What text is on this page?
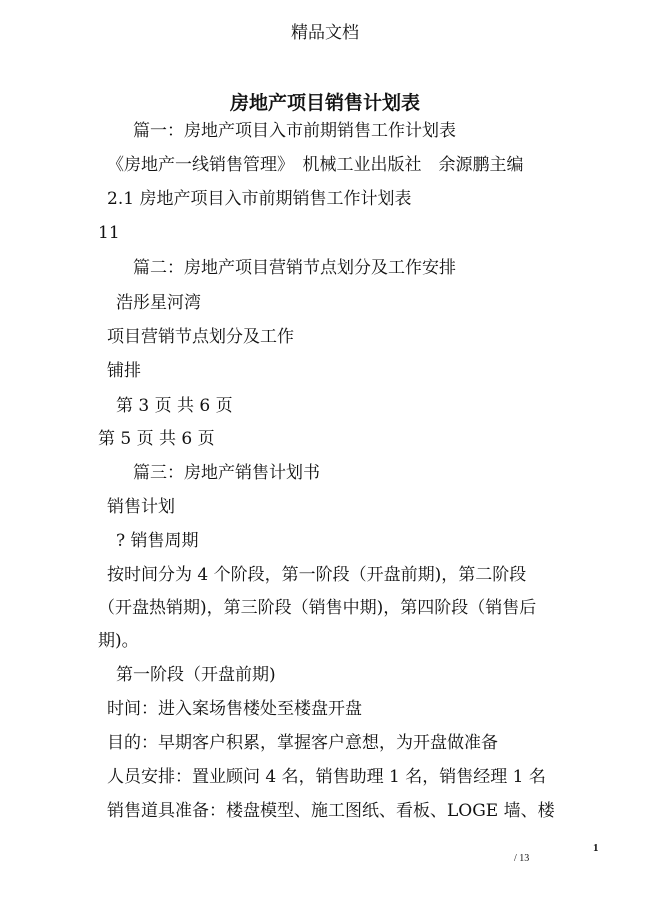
精品文档
房地产项目销售计划表
篇一：房地产项目入市前期销售工作计划表
《房地产一线销售管理》　机械工业出版社　余源鹏主编
2.1 房地产项目入市前期销售工作计划表
11
篇二：房地产项目营销节点划分及工作安排
浩彤星河湾
项目营销节点划分及工作
铺排
第 3 页 共 6 页
第 5 页 共 6 页
篇三：房地产销售计划书
销售计划
? 销售周期
按时间分为 4 个阶段，第一阶段（开盘前期)，第二阶段
（开盘热销期)，第三阶段（销售中期)，第四阶段（销售后
期)。
第一阶段（开盘前期)
时间：进入案场售楼处至楼盘开盘
目的：早期客户积累，掌握客户意想，为开盘做准备
人员安排：置业顾问 4 名，销售助理 1 名，销售经理 1 名
销售道具准备：楼盘模型、施工图纸、看板、LOGE 墙、楼
1
/ 13
